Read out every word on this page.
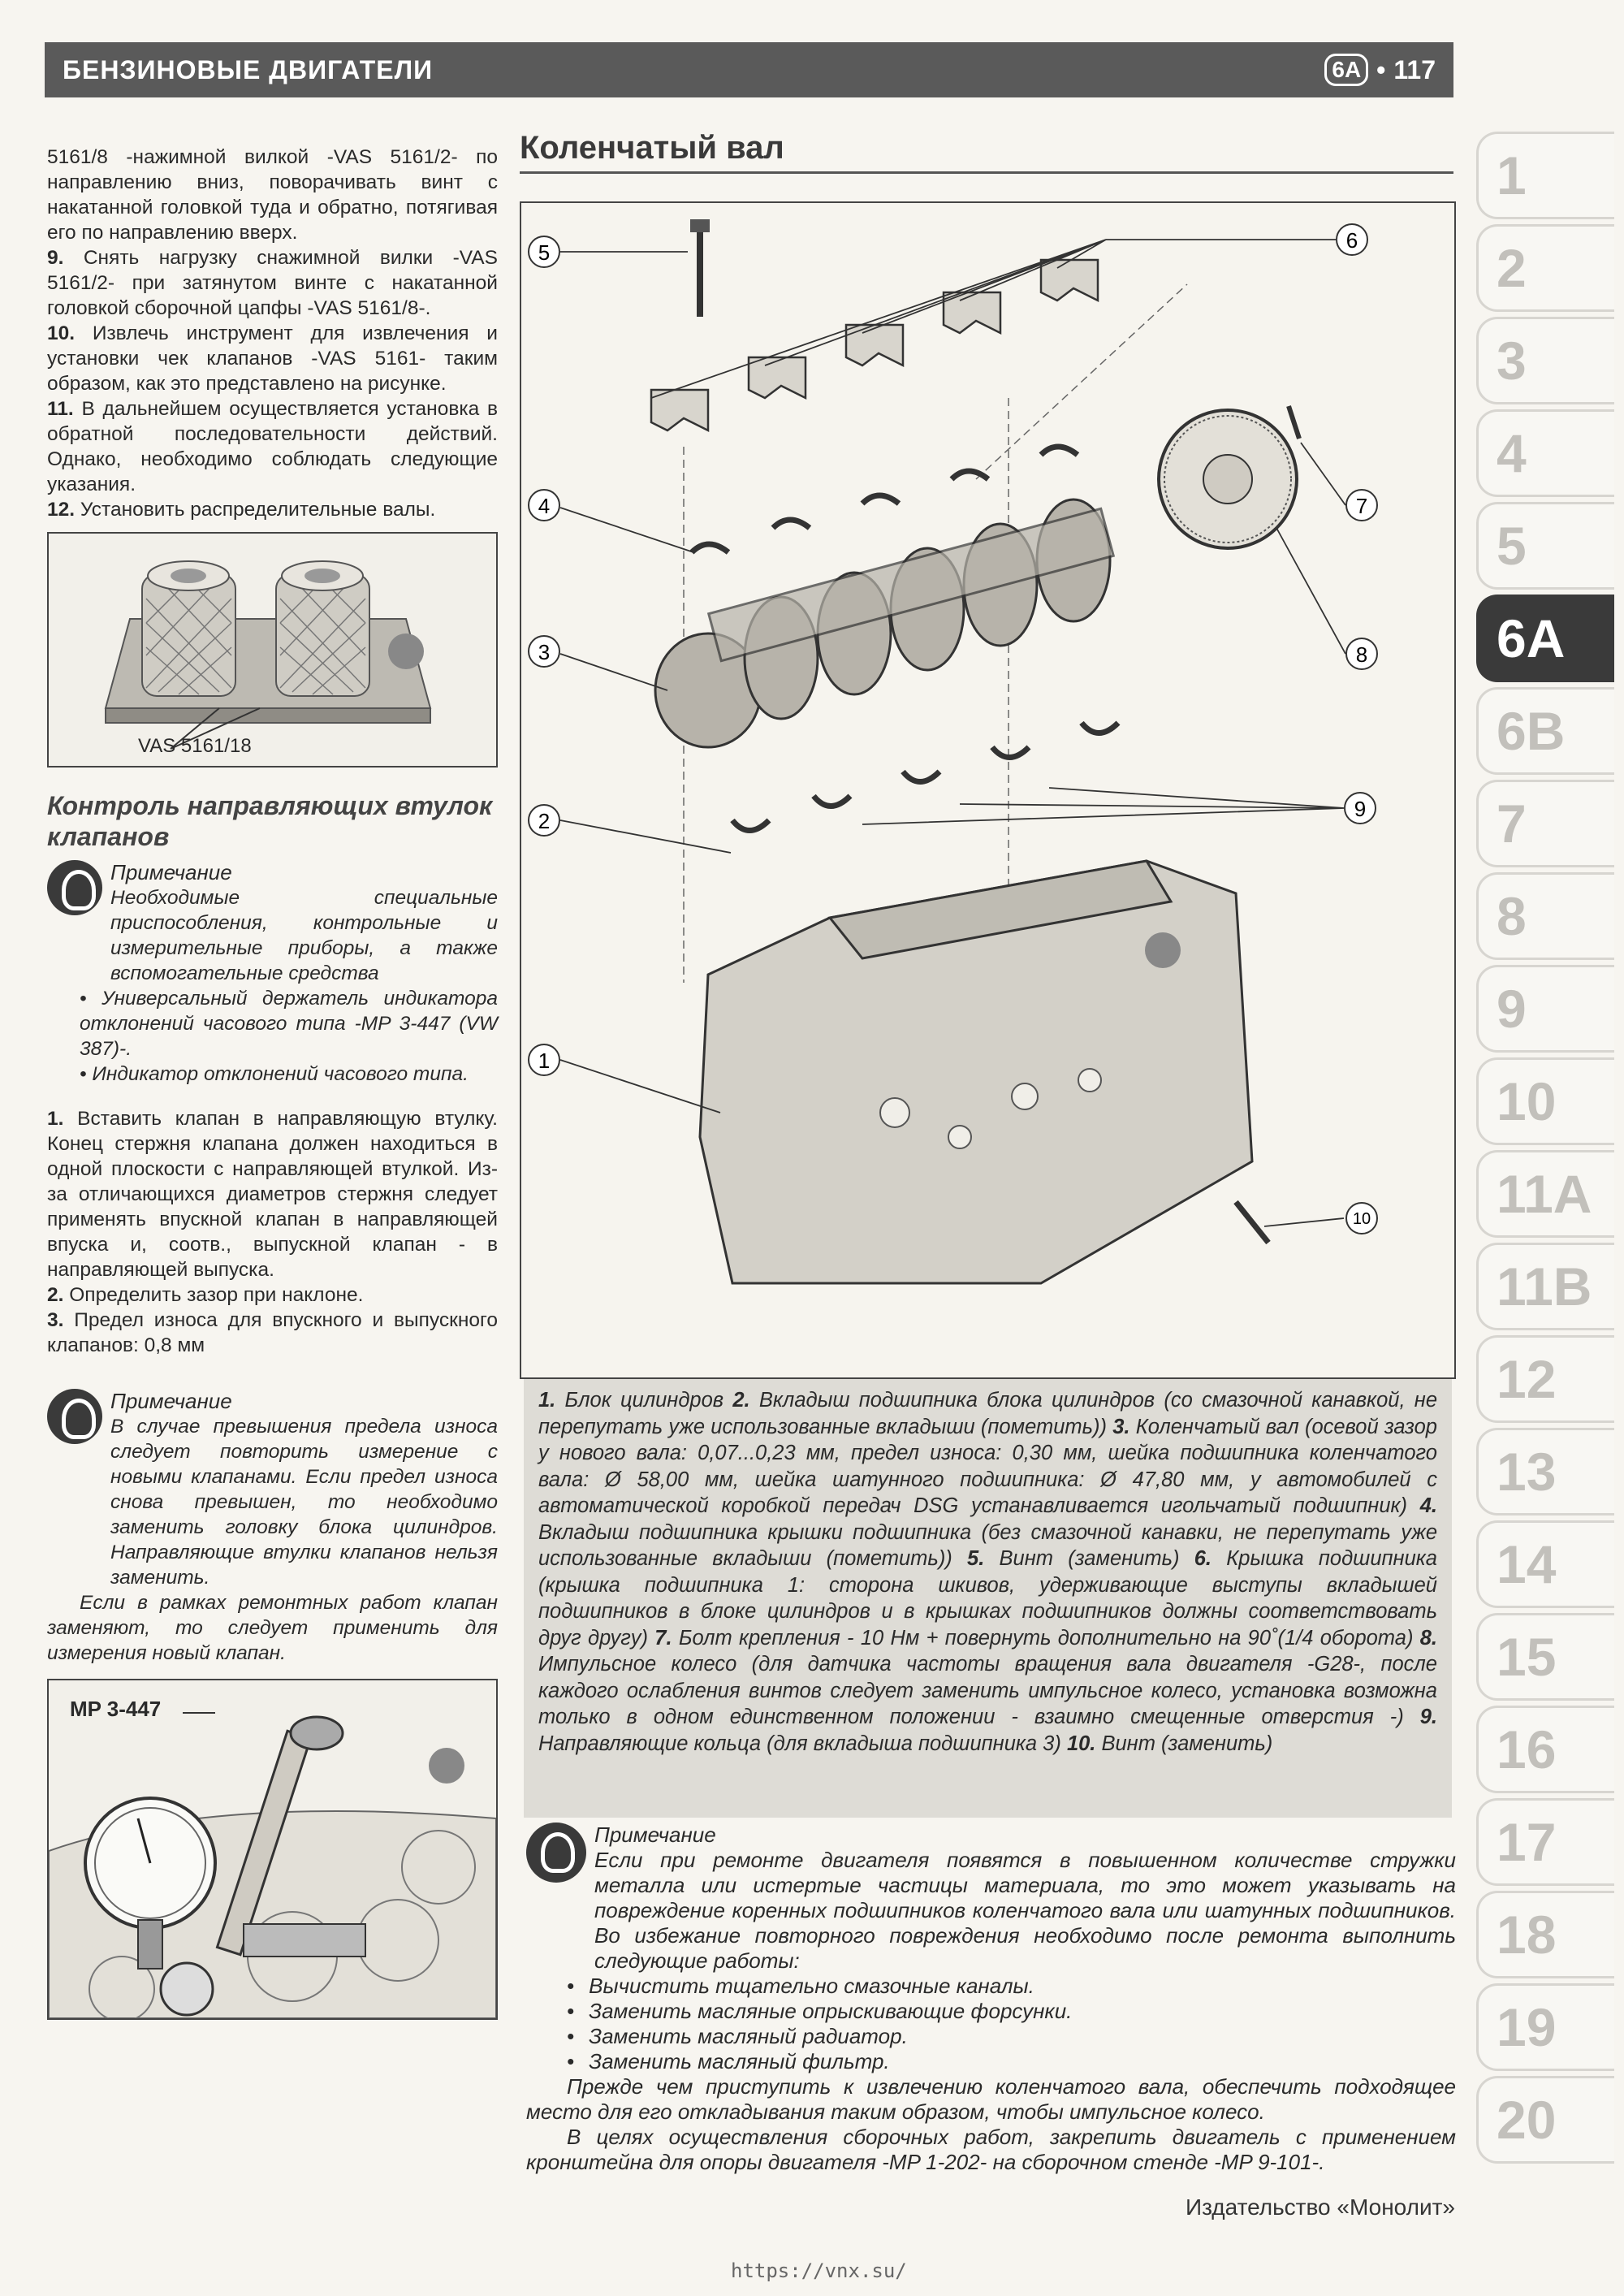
БЕНЗИНОВЫЕ ДВИГАТЕЛИ	6А • 117

5161/8 -нажимной вилкой -VAS 5161/2- по направлению вниз, поворачивать винт с накатанной головкой туда и обратно, потягивая его по направлению вверх.

9. Снять нагрузку снажимной вилки -VAS 5161/2- при затянутом винте с накатанной головкой сборочной цапфы -VAS 5161/8-.

10. Извлечь инструмент для извлечения и установки чек клапанов -VAS 5161- таким образом, как это представлено на рисунке.

11. В дальнейшем осуществляется установка в обратной последовательности действий. Однако, необходимо соблюдать следующие указания.

12. Установить распределительные валы.

VAS 5161/18
Контроль направляющих втулок клапанов
Примечание
Необходимые специальные приспособления, контрольные и измерительные приборы, а также вспомогательные средства
• Универсальный держатель индикатора отклонений часового типа -MP 3-447 (VW 387)-.
• Индикатор отклонений часового типа.

1. Вставить клапан в направляющую втулку. Конец стержня клапана должен находиться в одной плоскости с направляющей втулкой. Из-за отличающихся диаметров стержня следует применять впускной клапан в направляющей впуска и, соотв., выпускной клапан - в направляющей выпуска.

2. Определить зазор при наклоне.

3. Предел износа для впускного и выпускного клапанов: 0,8 мм

Примечание
В случае превышения предела износа следует повторить измерение с новыми клапанами. Если предел износа снова превышен, то необходимо заменить головку блока цилиндров. Направляющие втулки клапанов нельзя заменить.

Если в рамках ремонтных работ клапан заменяют, то следует применить для измерения новый клапан.

MP 3-447
Коленчатый вал
5	6
4	7
3	8
9
2
1
10
1. Блок цилиндров 2. Вкладыш подшипника блока цилиндров (со смазочной канавкой, не перепутать уже использованные вкладыши (пометить)) 3. Коленчатый вал (осевой зазор у нового вала: 0,07...0,23 мм, предел износа: 0,30 мм, шейка подшипника коленчатого вала: Ø 58,00 мм, шейка шатунного подшипника: Ø 47,80 мм, у автомобилей с автоматической коробкой передач DSG устанавливается игольчатый подшипник) 4. Вкладыш подшипника крышки подшипника (без смазочной канавки, не перепутать уже использованные вкладыши (пометить)) 5. Винт (заменить) 6. Крышка подшипника (крышка подшипника 1: сторона шкивов, удерживающие выступы вкладышей подшипников в блоке цилиндров и в крышках подшипников должны соответствовать друг другу) 7. Болт крепления - 10 Нм + повернуть дополнительно на 90˚(1/4 оборота) 8. Импульсное колесо (для датчика частоты вращения вала двигателя -G28-, после каждого ослабления винтов следует заменить импульсное колесо, установка возможна только в одном единственном положении - взаимно смещенные отверстия -) 9. Направляющие кольца (для вкладыша подшипника 3) 10. Винт (заменить)
Примечание
Если при ремонте двигателя появятся в повышенном количестве стружки металла или истертые частицы материала, то это может указывать на повреждение коренных подшипников коленчатого вала или шатунных подшипников. Во избежание повторного повреждения необходимо после ремонта выполнить следующие работы:
• Вычистить тщательно смазочные каналы.
• Заменить масляные опрыскивающие форсунки.
• Заменить масляный радиатор.
• Заменить масляный фильтр.

Прежде чем приступить к извлечению коленчатого вала, обеспечить подходящее место для его откладывания таким образом, чтобы импульсное колесо.

В целях осуществления сборочных работ, закрепить двигатель с применением кронштейна для опоры двигателя -MP 1-202- на сборочном стенде -MP 9-101-.

1
2
3
4
5
6A
6B
7
8
9
10
11A
11B
12
13
14
15
16
17
18
19
20
Издательство «Монолит»
https://vnx.su/
